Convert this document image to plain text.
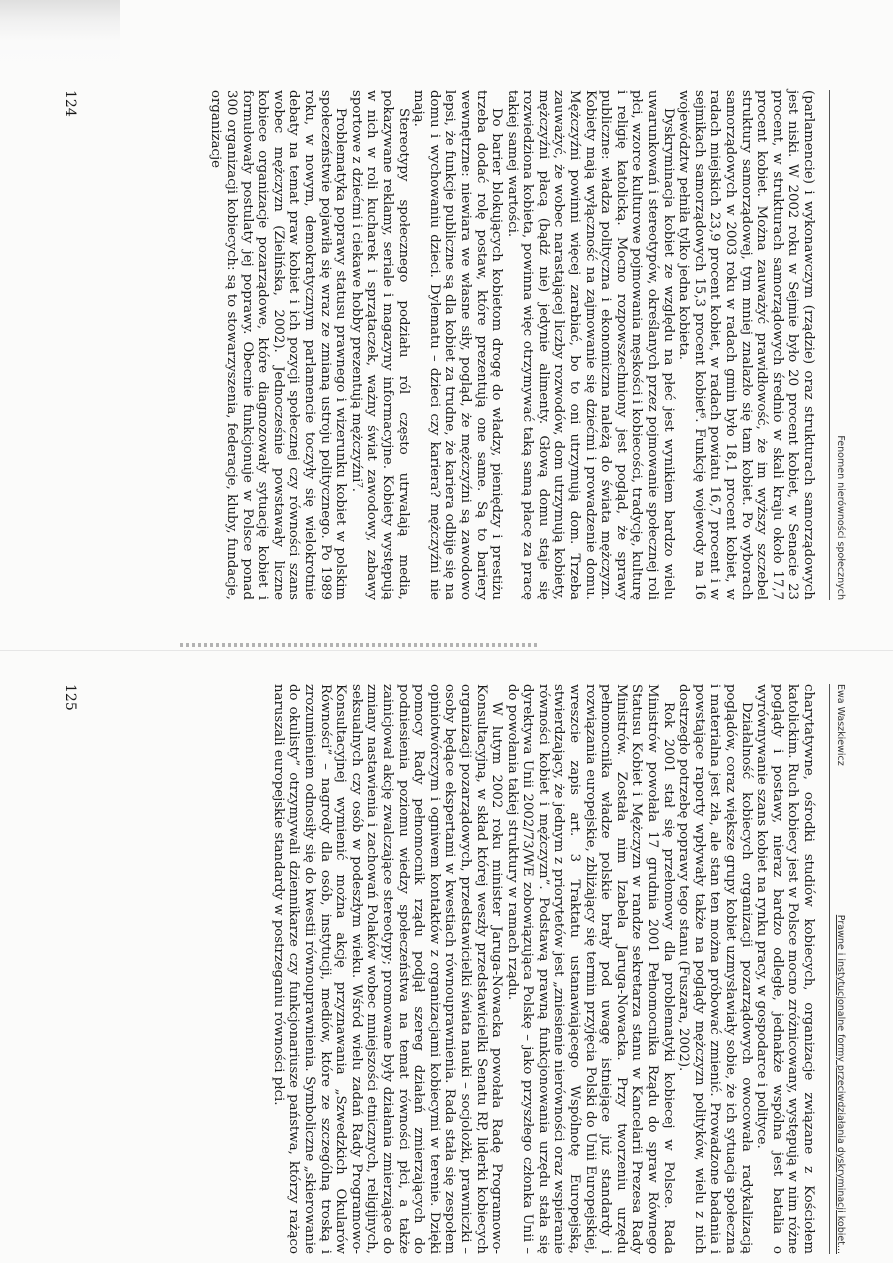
Fenomen nierówności społecznych

(parlamencie) i wykonawczym (rządzie) oraz strukturach samorządowych jest niski. W 2002 roku w Sejmie było 20 procent kobiet, w Senacie 23 procent, w strukturach samorządowych średnio w skali kraju około 17,7 procent kobiet. Można zauważyć prawidłowość, że im wyższy szczebel struktury samorządowej, tym mniej znalazło się tam kobiet. Po wyborach samorządowych w 2003 roku w radach gmin było 18,1 procent kobiet, w radach miejskich 23,9 procent kobiet, w radach powiatu 16,7 procent i w sejmikach samorządowych 15,3 procent kobiet⁶. Funkcję wojewody na 16 województw pełniła tylko jedna kobieta.

Dyskryminacja kobiet ze względu na płeć jest wynikiem bardzo wielu uwarunkowań i stereotypów, określanych przez pojmowanie społecznej roli płci, wzorce kulturowe pojmowania męskości i kobiecości, tradycję, kulturę i religię katolicką. Mocno rozpowszechniony jest pogląd, że sprawy publiczne: władza polityczna i ekonomiczna należą do świata mężczyzn. Kobiety mają wyłączność na zajmowanie się dziećmi i prowadzenie domu. Mężczyźni powinni więcej zarabiać, bo to oni utrzymują dom. Trzeba zauważyć, że wobec narastającej liczby rozwodów, dom utrzymują kobiety, mężczyźni płacą (bądź nie) jedynie alimenty. Głową domu staje się rozwiedziona kobieta, powinna więc otrzymywać taką samą płacę za pracę takiej samej wartości.

Do barier blokujących kobietom drogę do władzy, pieniędzy i prestiżu trzeba dodać rolę postaw, które prezentują one same. Są to bariery wewnętrzne: niewiara we własne siły, pogląd, że mężczyźni są zawodowo lepsi, że funkcje publiczne są dla kobiet za trudne, że kariera odbije się na domu i wychowaniu dzieci. Dylematu – dzieci czy kariera? mężczyźni nie mają.

Stereotypy społecznego podziału ról często utrwalają media, pokazywane reklamy, seriale i magazyny informacyjne. Kobiety występują w nich w roli kucharek i sprzątaczek, ważny świat zawodowy, zabawy sportowe z dziećmi i ciekawe hobby prezentują mężczyźni⁷.

Problematyka poprawy statusu prawnego i wizerunku kobiet w polskim społeczeństwie pojawiła się wraz ze zmianą ustroju politycznego. Po 1989 roku, w nowym, demokratycznym parlamencie toczyły się wielokrotnie debaty na temat praw kobiet i ich pozycji społecznej czy równości szans wobec mężczyzn (Zielińska, 2002). Jednocześnie powstawały liczne kobiece organizacje pozarządowe, które diagnozowały sytuację kobiet i formułowały postulaty jej poprawy. Obecnie funkcjonuje w Polsce ponad 300 organizacji kobiecych: są to stowarzyszenia, federacje, kluby, fundacje, organizacje

124
Ewa Waszkiewicz
Prawne i instytucjonalne formy przeciwdziałania dyskryminacji kobiet...

charytatywne, ośrodki studiów kobiecych, organizacje związane z Kościołem katolickim. Ruch kobiecy jest w Polsce mocno zróżnicowany, występują w nim różne poglądy i postawy, nieraz bardzo odległe, jednakże wspólna jest batalia o wyrównywanie szans kobiet na rynku pracy, w gospodarce i polityce.

Działalność kobiecych organizacji pozarządowych owocowała radykalizacją poglądów, coraz większe grupy kobiet uzmysławiały sobie, że ich sytuacja społeczna i materialna jest zła, ale stan ten można próbować zmienić. Prowadzone badania i powstające raporty wpływały także na poglądy mężczyzn polityków, wielu z nich dostrzegło potrzebę poprawy tego stanu (Fuszara, 2002).

Rok 2001 stał się przełomowy dla problematyki kobiecej w Polsce. Rada Ministrów powołała 17 grudnia 2001 Pełnomocnika Rządu do spraw Równego Statusu Kobiet i Mężczyzn w randze sekretarza stanu w Kancelarii Prezesa Rady Ministrów. Została nim Izabela Jaruga-Nowacka. Przy tworzeniu urzędu pełnomocnika władze polskie brały pod uwagę istniejące już standardy i rozwiązania europejskie, zbliżający się termin przyjęcia Polski do Unii Europejskiej, wreszcie zapis art. 3 Traktatu ustanawiającego Wspólnotę Europejską, stwierdzający, że jednym z priorytetów jest „zniesienie nierówności oraz wspieranie równości kobiet i mężczyzn”. Podstawą prawną funkcjonowania urzędu stała się dyrektywa Unii 2002/73/WE zobowiązująca Polskę – jako przyszłego członka Unii – do powołania takiej struktury w ramach rządu.

W lutym 2002 roku minister Jaruga-Nowacka powołała Radę Programowo-Konsultacyjną, w skład której weszły przedstawicielki Senatu RP, liderki kobiecych organizacji pozarządowych, przedstawicielki świata nauki – socjolożki, prawniczki – osoby będące ekspertami w kwestiach równouprawnienia. Rada stała się zespołem opiniotwórczym i ogniwem kontaktów z organizacjami kobiecymi w terenie. Dzięki pomocy Rady pełnomocnik rządu podjął szereg działań zmierzających do podniesienia poziomu wiedzy społeczeństwa na temat równości płci, a także zainicjował akcję zwalczające stereotypy; promowane były działania zmierzające do zmiany nastawienia i zachowań Polaków wobec mniejszości etnicznych, religijnych, seksualnych czy osób w podeszłym wieku. Wśród wielu zadań Rady Programowo-Konsultacyjnej wymienić można akcję przyznawania „Szwedzkich Okularów Równości” – nagrody dla osób, instytucji, mediów, które ze szczególną troską i zrozumieniem odnosiły się do kwestii równouprawnienia. Symboliczne „skierowanie do okulisty” otrzymywali dziennikarze czy funkcjonariusze państwa, którzy rażąco naruszali europejskie standardy w postrzeganiu równości płci.

125
